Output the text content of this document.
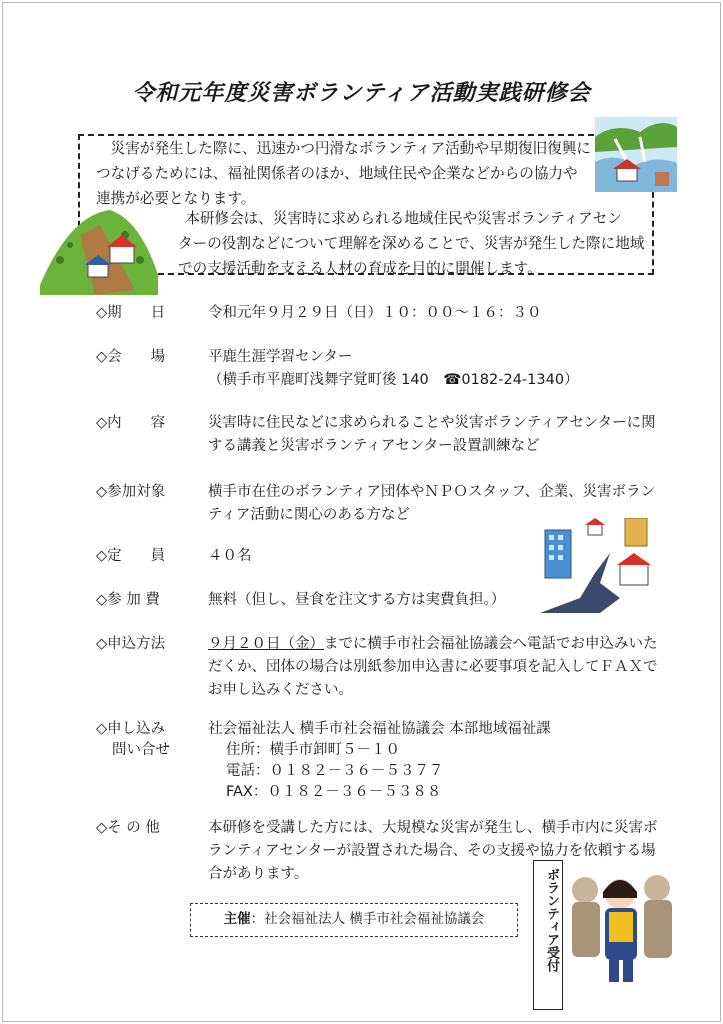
令和元年度災害ボランティア活動実践研修会
災害が発生した際に、迅速かつ円滑なボランティア活動や早期復旧復興につなげるためには、福祉関係者のほか、地域住民や企業などからの協力や連携が必要となります。
本研修会は、災害時に求められる地域住民や災害ボランティアセン
ターの役割などについて理解を深めることで、災害が発生した際に地域での支援活動を支える人材の育成を目的に開催します。
◇期　　日	令和元年９月２９日（日）１０：００～１６：３０
◇会　　場	平鹿生涯学習センター
（横手市平鹿町浅舞字覚町後 140　☎0182-24-1340）
◇内　　容	災害時に住民などに求められることや災害ボランティアセンターに関する講義と災害ボランティアセンター設置訓練など
◇参加対象	横手市在住のボランティア団体やＮＰＯスタッフ、企業、災害ボランティア活動に関心のある方など
◇定　　員	４０名
◇参 加 費	無料（但し、昼食を注文する方は実費負担。）
◇申込方法	９月２０日（金）までに横手市社会福祉協議会へ電話でお申込みいただくか、団体の場合は別紙参加申込書に必要事項を記入してＦＡＸでお申し込みください。
◇申し込み
問い合せ
社会福祉法人 横手市社会福祉協議会 本部地域福祉課
住所：横手市卸町５－１０
電話：０１８２－３６－５３７７
FAX：０１８２－３６－５３８８
◇そ の 他	本研修を受講した方には、大規模な災害が発生し、横手市内に災害ボランティアセンターが設置された場合、その支援や協力を依頼する場合があります。
主催：社会福祉法人 横手市社会福祉協議会	ボランティア受付
